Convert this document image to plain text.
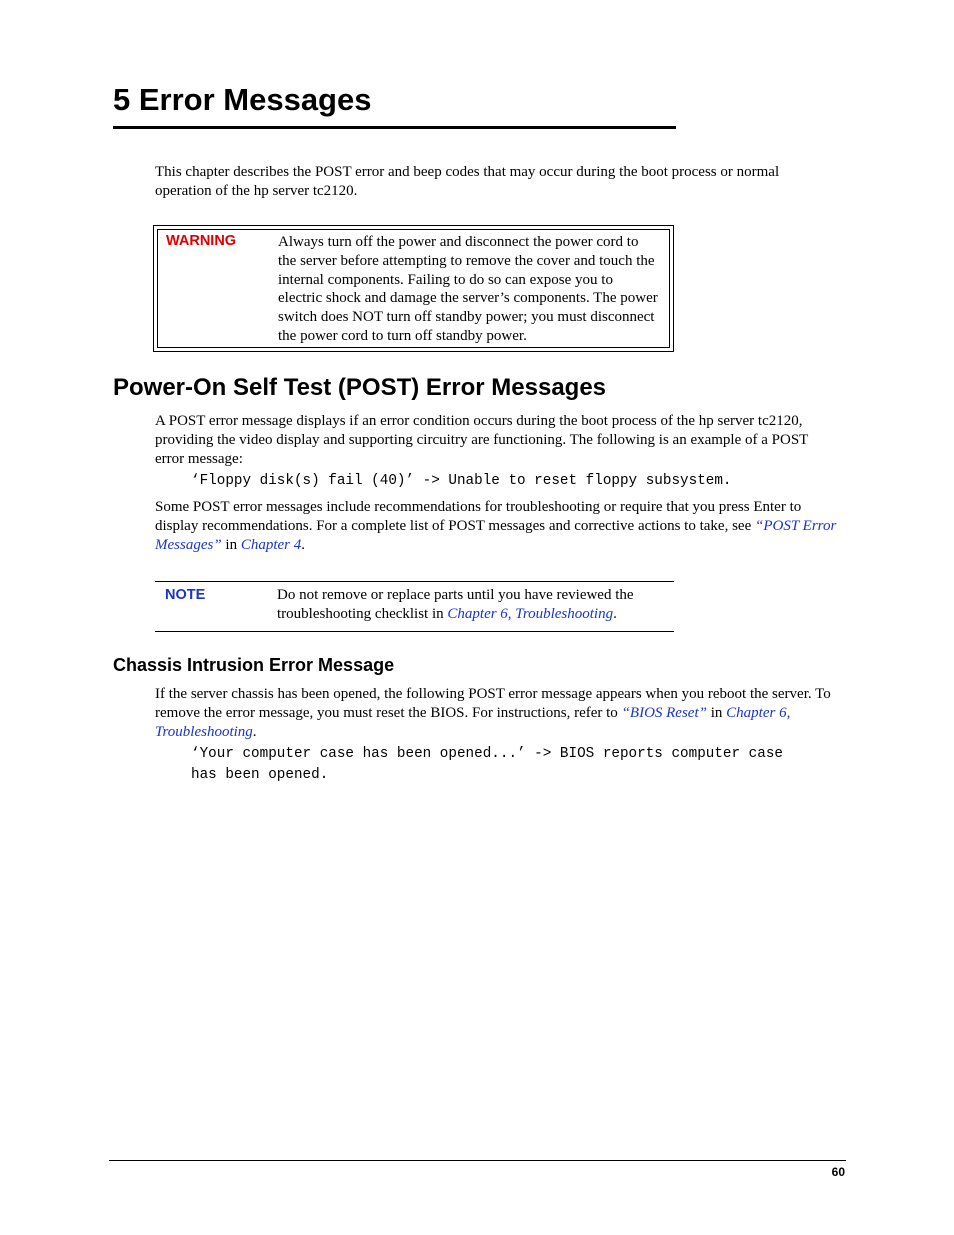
5 Error Messages

This chapter describes the POST error and beep codes that may occur during the boot process or normal operation of the hp server tc2120.

WARNING	Always turn off the power and disconnect the power cord to the server before attempting to remove the cover and touch the internal components. Failing to do so can expose you to electric shock and damage the server’s components. The power switch does NOT turn off standby power; you must disconnect the power cord to turn off standby power.
Power-On Self Test (POST) Error Messages

A POST error message displays if an error condition occurs during the boot process of the hp server tc2120, providing the video display and supporting circuitry are functioning. The following is an example of a POST error message:

‘Floppy disk(s) fail (40)’ -> Unable to reset floppy subsystem.

Some POST error messages include recommendations for troubleshooting or require that you press Enter to display recommendations. For a complete list of POST messages and corrective actions to take, see “POST Error Messages” in Chapter 4.

NOTE	Do not remove or replace parts until you have reviewed the troubleshooting checklist in Chapter 6, Troubleshooting.
Chassis Intrusion Error Message

If the server chassis has been opened, the following POST error message appears when you reboot the server. To remove the error message, you must reset the BIOS. For instructions, refer to “BIOS Reset” in Chapter 6, Troubleshooting.

‘Your computer case has been opened...’ -> BIOS reports computer case
has been opened.
60
